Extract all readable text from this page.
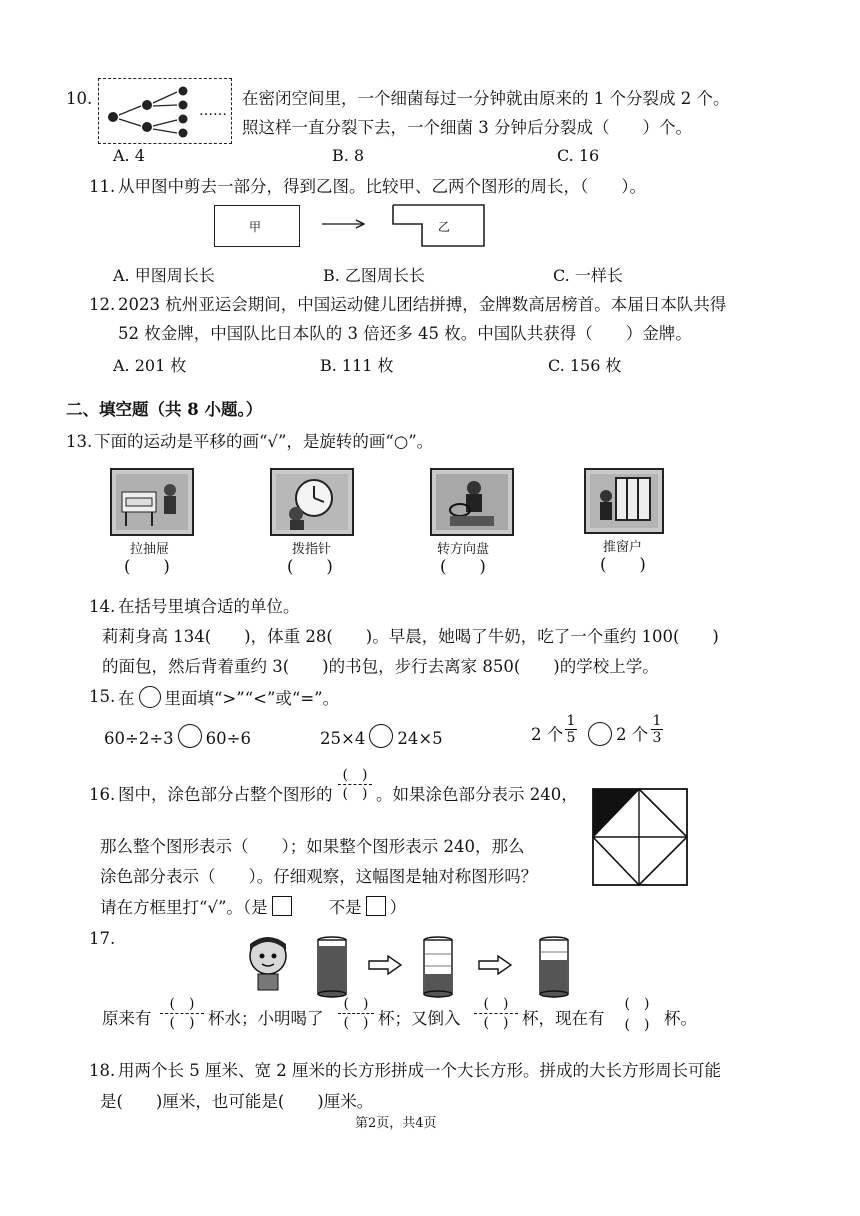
10.
……
在密闭空间里，一个细菌每过一分钟就由原来的 1 个分裂成 2 个。
照这样一直分裂下去，一个细菌 3 分钟后分裂成（　　）个。
A. 4	B. 8	C. 16
11. 从甲图中剪去一部分，得到乙图。比较甲、乙两个图形的周长，（　　）。
甲	乙
A. 甲图周长长	B. 乙图周长长	C. 一样长
12. 2023 杭州亚运会期间，中国运动健儿团结拼搏，金牌数高居榜首。本届日本队共得
52 枚金牌，中国队比日本队的 3 倍还多 45 枚。中国队共获得（　　）金牌。
A. 201 枚	B. 111 枚	C. 156 枚
二、填空题（共 8 小题。）
13. 下面的运动是平移的画“√”，是旋转的画“○”。
拉抽屉
(　　)
拨指针
(　　)
转方向盘
(　　)
推窗户
(　　)
14. 在括号里填合适的单位。
莉莉身高 134(　　)，体重 28(　　)。早晨，她喝了牛奶，吃了一个重约 100(　　)
的面包，然后背着重约 3(　　)的书包，步行去离家 850(　　)的学校上学。
15. 在 里面填“>”“<”或“=”。
60÷2÷3 60÷6	25×4 24×5	2 个
1
5 2 个
1
3
16. 图中，涂色部分占整个图形的
(　)
(　) 。如果涂色部分表示 240，
那么整个图形表示（　　）；如果整个图形表示 240，那么
涂色部分表示（　　）。仔细观察，这幅图是轴对称图形吗？
请在方框里打“√”。（是　　	不是 ）
17.
原来有
(　)
(　) 杯水；小明喝了
(　)
(　) 杯；又倒入
(　)
(　) 杯，现在有
(　)
(　) 杯。
18. 用两个长 5 厘米、宽 2 厘米的长方形拼成一个大长方形。拼成的大长方形周长可能
是(　　)厘米，也可能是(　　)厘米。
第2页，共4页
